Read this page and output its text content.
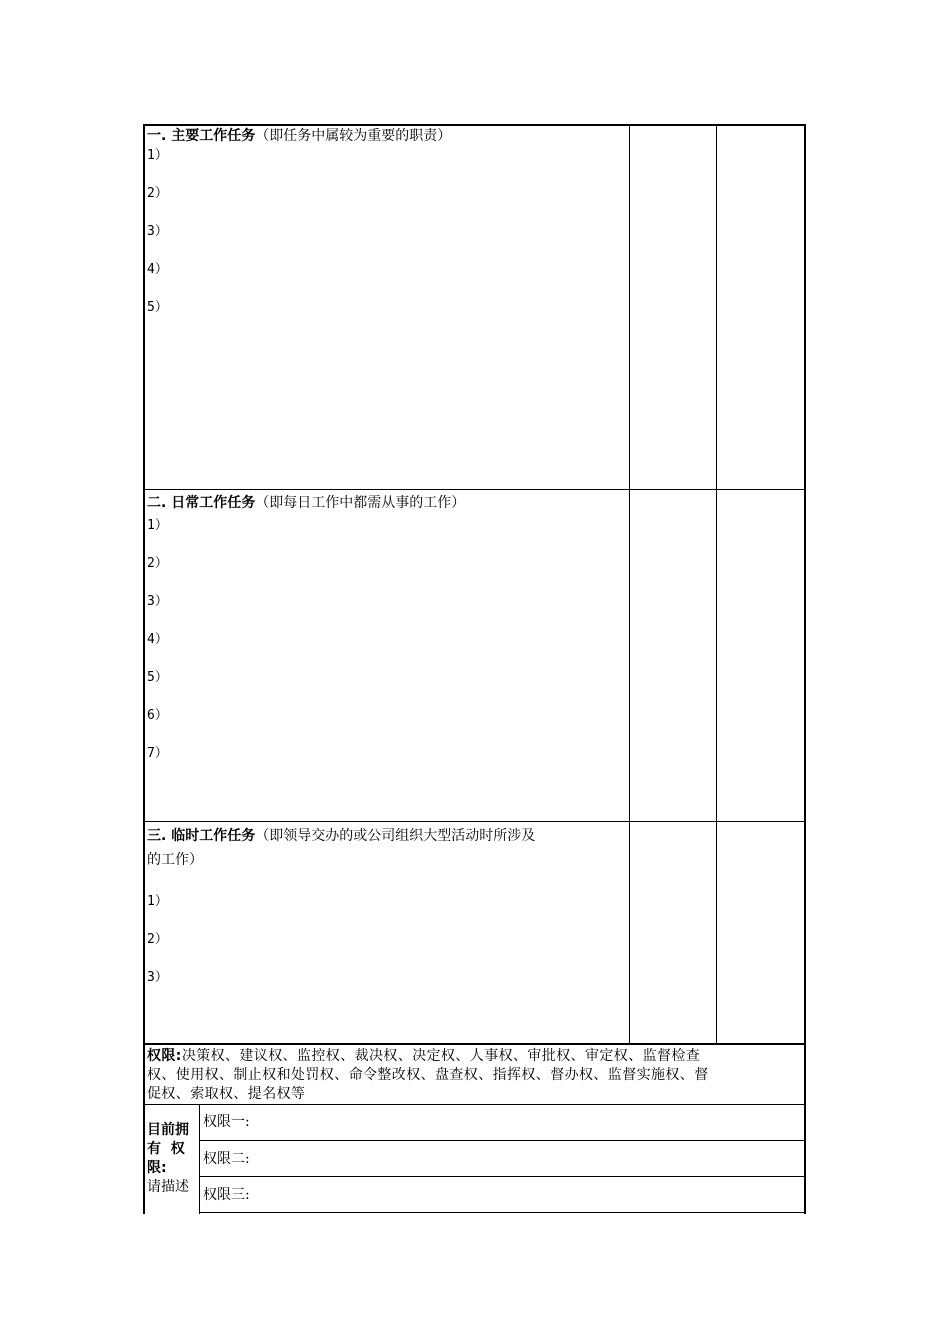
一. 主要工作任务（即任务中属较为重要的职责）
1）
2）
3）
4）
5）
二. 日常工作任务（即每日工作中都需从事的工作）
1）
2）
3）
4）
5）
6）
7）
三. 临时工作任务（即领导交办的或公司组织大型活动时所涉及
的工作）
1）
2）
3）
权限:决策权、建议权、监控权、裁决权、决定权、人事权、审批权、审定权、监督检查
权、使用权、制止权和处罚权、命令整改权、盘查权、指挥权、督办权、监督实施权、督
促权、索取权、提名权等
目前拥
有  权
限:
请描述
权限一:
权限二:
权限三:
